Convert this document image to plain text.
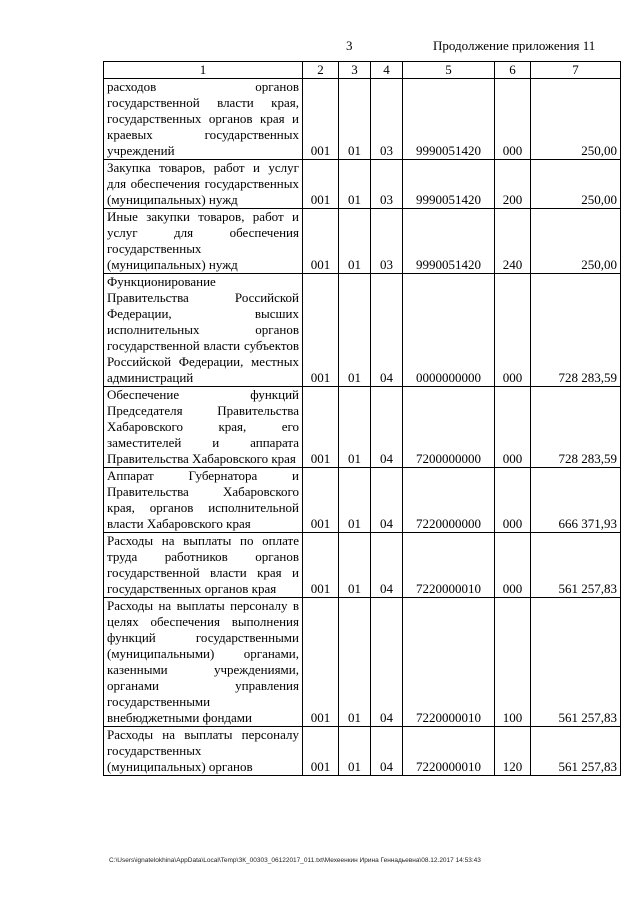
3	Продолжение приложения 11
1	2	3	4	5	6	7
расходов органов государственной власти края, государственных органов края и краевых государственных учреждений	001	01	03	9990051420	000	250,00
Закупка товаров, работ и услуг для обеспечения государственных (муниципальных) нужд	001	01	03	9990051420	200	250,00
Иные закупки товаров, работ и услуг для обеспечения государственных (муниципальных) нужд	001	01	03	9990051420	240	250,00
Функционирование Правительства Российской Федерации, высших исполнительных органов государственной власти субъектов Российской Федерации, местных администраций	001	01	04	0000000000	000	728 283,59
Обеспечение функций Председателя Правительства Хабаровского края, его заместителей и аппарата Правительства Хабаровского края	001	01	04	7200000000	000	728 283,59
Аппарат Губернатора и Правительства Хабаровского края, органов исполнительной власти Хабаровского края	001	01	04	7220000000	000	666 371,93
Расходы на выплаты по оплате труда работников органов государственной власти края и государственных органов края	001	01	04	7220000010	000	561 257,83
Расходы на выплаты персоналу в целях обеспечения выполнения функций государственными (муниципальными) органами, казенными учреждениями, органами управления государственными внебюджетными фондами	001	01	04	7220000010	100	561 257,83
Расходы на выплаты персоналу государственных (муниципальных) органов	001	01	04	7220000010	120	561 257,83
C:\Users\ignatelokhina\AppData\Local\Temp\ЗК_00303_06122017_011.txt\Мехеенкин Ирина Геннадьевна\08.12.2017 14:53:43
